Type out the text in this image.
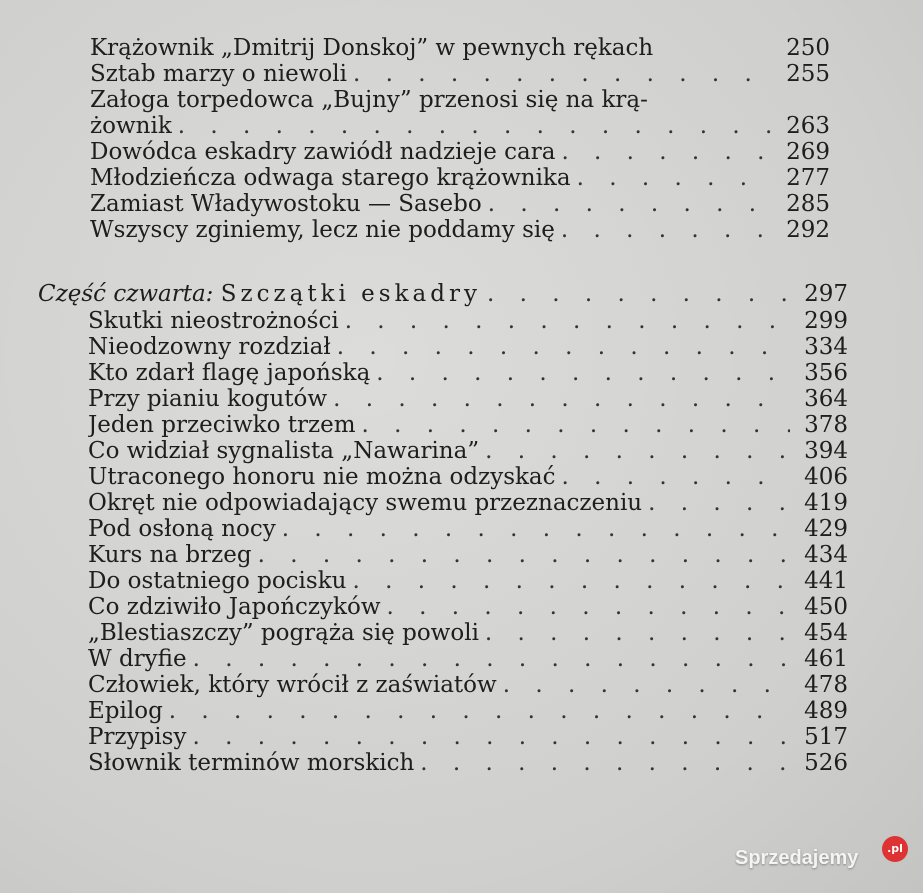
Krążownik „Dmitrij Donskoj” w pewnych rękach	250
Sztab marzy o niewoli . . .	255
Załoga torpedowca „Bujny” przenosi się na krą-
żownik . . .	263
Dowódca eskadry zawiódł nadzieje cara . . .	269
Młodzieńcza odwaga starego krążownika . . .	277
Zamiast Władywostoku — Sasebo . . .	285
Wszyscy zginiemy, lecz nie poddamy się . . .	292
Część czwarta: Szczątki eskadry . . .	297
Skutki nieostrożności . . .	299
Nieodzowny rozdział . . .	334
Kto zdarł flagę japońską . . .	356
Przy pianiu kogutów . . .	364
Jeden przeciwko trzem . . .	378
Co widział sygnalista „Nawarina” . . .	394
Utraconego honoru nie można odzyskać . . .	406
Okręt nie odpowiadający swemu przeznaczeniu . . .	419
Pod osłoną nocy . . .	429
Kurs na brzeg . . .	434
Do ostatniego pocisku . . .	441
Co zdziwiło Japończyków . . .	450
„Blestiaszczy” pogrąża się powoli . . .	454
W dryfie . . .	461
Człowiek, który wrócił z zaświatów . . .	478
Epilog . . .	489
Przypisy . . .	517
Słownik terminów morskich . . .	526
Sprzedajemy	.pl
